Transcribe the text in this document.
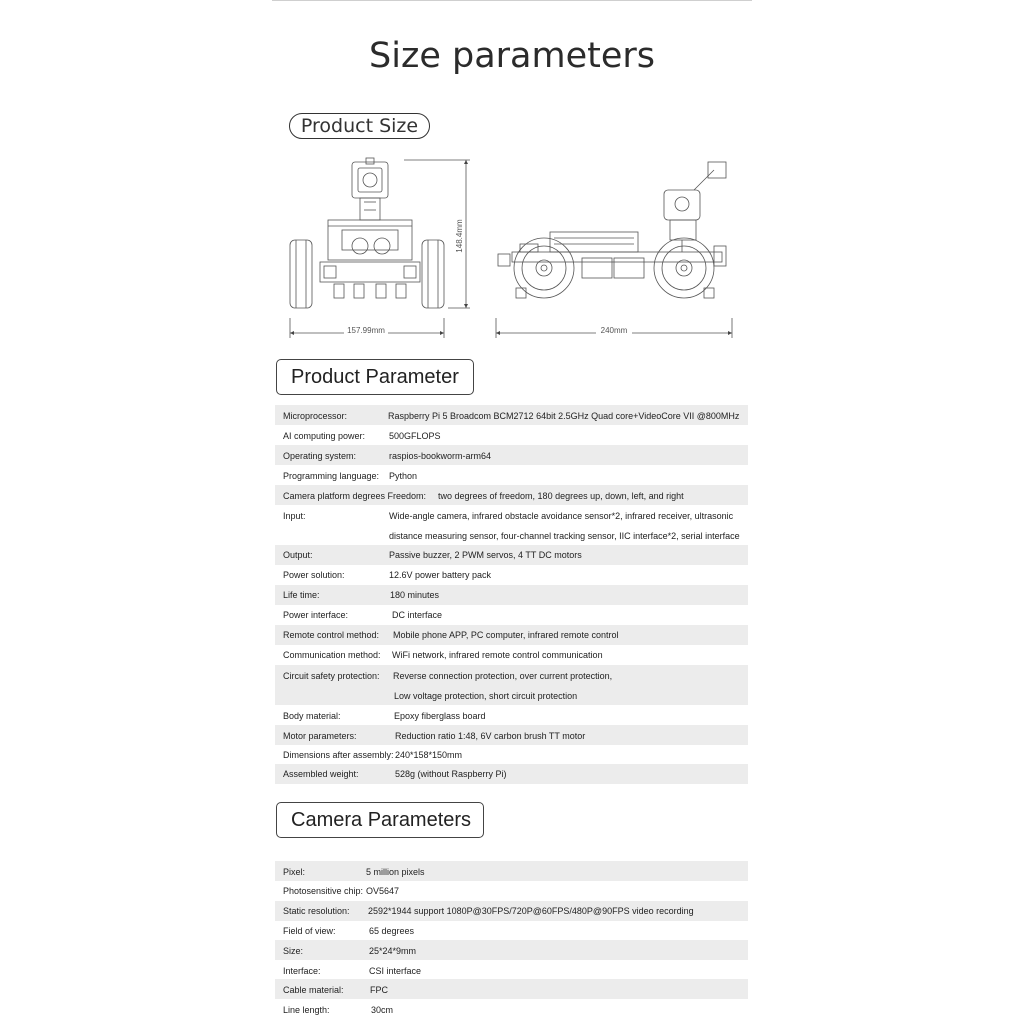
Size parameters
Product Size
157.99mm	240mm
148.4mm
Product Parameter
Microprocessor:	Raspberry Pi 5 Broadcom BCM2712 64bit 2.5GHz Quad core+VideoCore VII @800MHz
AI computing power:	500GFLOPS
Operating system:	raspios-bookworm-arm64
Programming language: Python
Camera platform degrees Freedom: two degrees of freedom, 180 degrees up, down, left, and right
Input:	Wide-angle camera, infrared obstacle avoidance sensor*2, infrared receiver, ultrasonic
distance measuring sensor, four-channel tracking sensor, IIC interface*2, serial interface
Output:	Passive buzzer, 2 PWM servos, 4 TT DC motors
Power solution:	12.6V power battery pack
Life time:	180 minutes
Power interface:	DC interface
Remote control method: Mobile phone APP, PC computer, infrared remote control
Communication method: WiFi network, infrared remote control communication
Circuit safety protection: Reverse connection protection, over current protection,
Low voltage protection, short circuit protection
Body material:	Epoxy fiberglass board
Motor parameters:	Reduction ratio 1:48, 6V carbon brush TT motor
Dimensions after assembly: 240*158*150mm
Assembled weight:	528g (without Raspberry Pi)
Camera Parameters
Pixel:	5 million pixels
Photosensitive chip: OV5647
Static resolution: 2592*1944 support 1080P@30FPS/720P@60FPS/480P@90FPS video recording
Field of view:	65 degrees
Size:	25*24*9mm
Interface:	CSI interface
Cable material:	FPC
Line length:	30cm
